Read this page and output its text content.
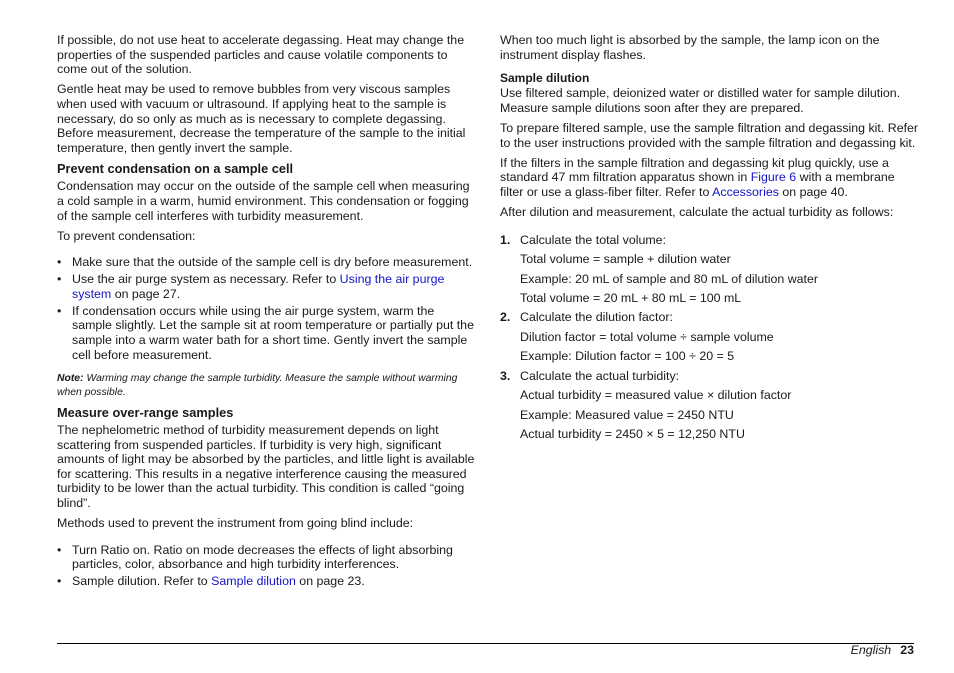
If possible, do not use heat to accelerate degassing. Heat may change the properties of the suspended particles and cause volatile components to come out of the solution.

Gentle heat may be used to remove bubbles from very viscous samples when used with vacuum or ultrasound. If applying heat to the sample is necessary, do so only as much as is necessary to complete degassing. Before measurement, decrease the temperature of the sample to the initial temperature, then gently invert the sample.

Prevent condensation on a sample cell

Condensation may occur on the outside of the sample cell when measuring a cold sample in a warm, humid environment. This condensation or fogging of the sample cell interferes with turbidity measurement.

To prevent condensation:

• Make sure that the outside of the sample cell is dry before measurement.
• Use the air purge system as necessary. Refer to Using the air purge system on page 27.
• If condensation occurs while using the air purge system, warm the sample slightly. Let the sample sit at room temperature or partially put the sample into a warm water bath for a short time. Gently invert the sample cell before measurement.

Note: Warming may change the sample turbidity. Measure the sample without warming when possible.

Measure over-range samples

The nephelometric method of turbidity measurement depends on light scattering from suspended particles. If turbidity is very high, significant amounts of light may be absorbed by the particles, and little light is available for scattering. This results in a negative interference causing the measured turbidity to be lower than the actual turbidity. This condition is called “going blind”.

Methods used to prevent the instrument from going blind include:

• Turn Ratio on. Ratio on mode decreases the effects of light absorbing particles, color, absorbance and high turbidity interferences.
• Sample dilution. Refer to Sample dilution on page 23.

When too much light is absorbed by the sample, the lamp icon on the instrument display flashes.

Sample dilution

Use filtered sample, deionized water or distilled water for sample dilution. Measure sample dilutions soon after they are prepared.

To prepare filtered sample, use the sample filtration and degassing kit. Refer to the user instructions provided with the sample filtration and degassing kit.

If the filters in the sample filtration and degassing kit plug quickly, use a standard 47 mm filtration apparatus shown in Figure 6 with a membrane filter or use a glass-fiber filter. Refer to Accessories on page 40.

After dilution and measurement, calculate the actual turbidity as follows:

1. Calculate the total volume:
Total volume = sample + dilution water
Example: 20 mL of sample and 80 mL of dilution water
Total volume = 20 mL + 80 mL = 100 mL
2. Calculate the dilution factor:
Dilution factor = total volume ÷ sample volume
Example: Dilution factor = 100 ÷ 20 = 5
3. Calculate the actual turbidity:
Actual turbidity = measured value × dilution factor
Example: Measured value = 2450 NTU
Actual turbidity = 2450 × 5 = 12,250 NTU
English 23
